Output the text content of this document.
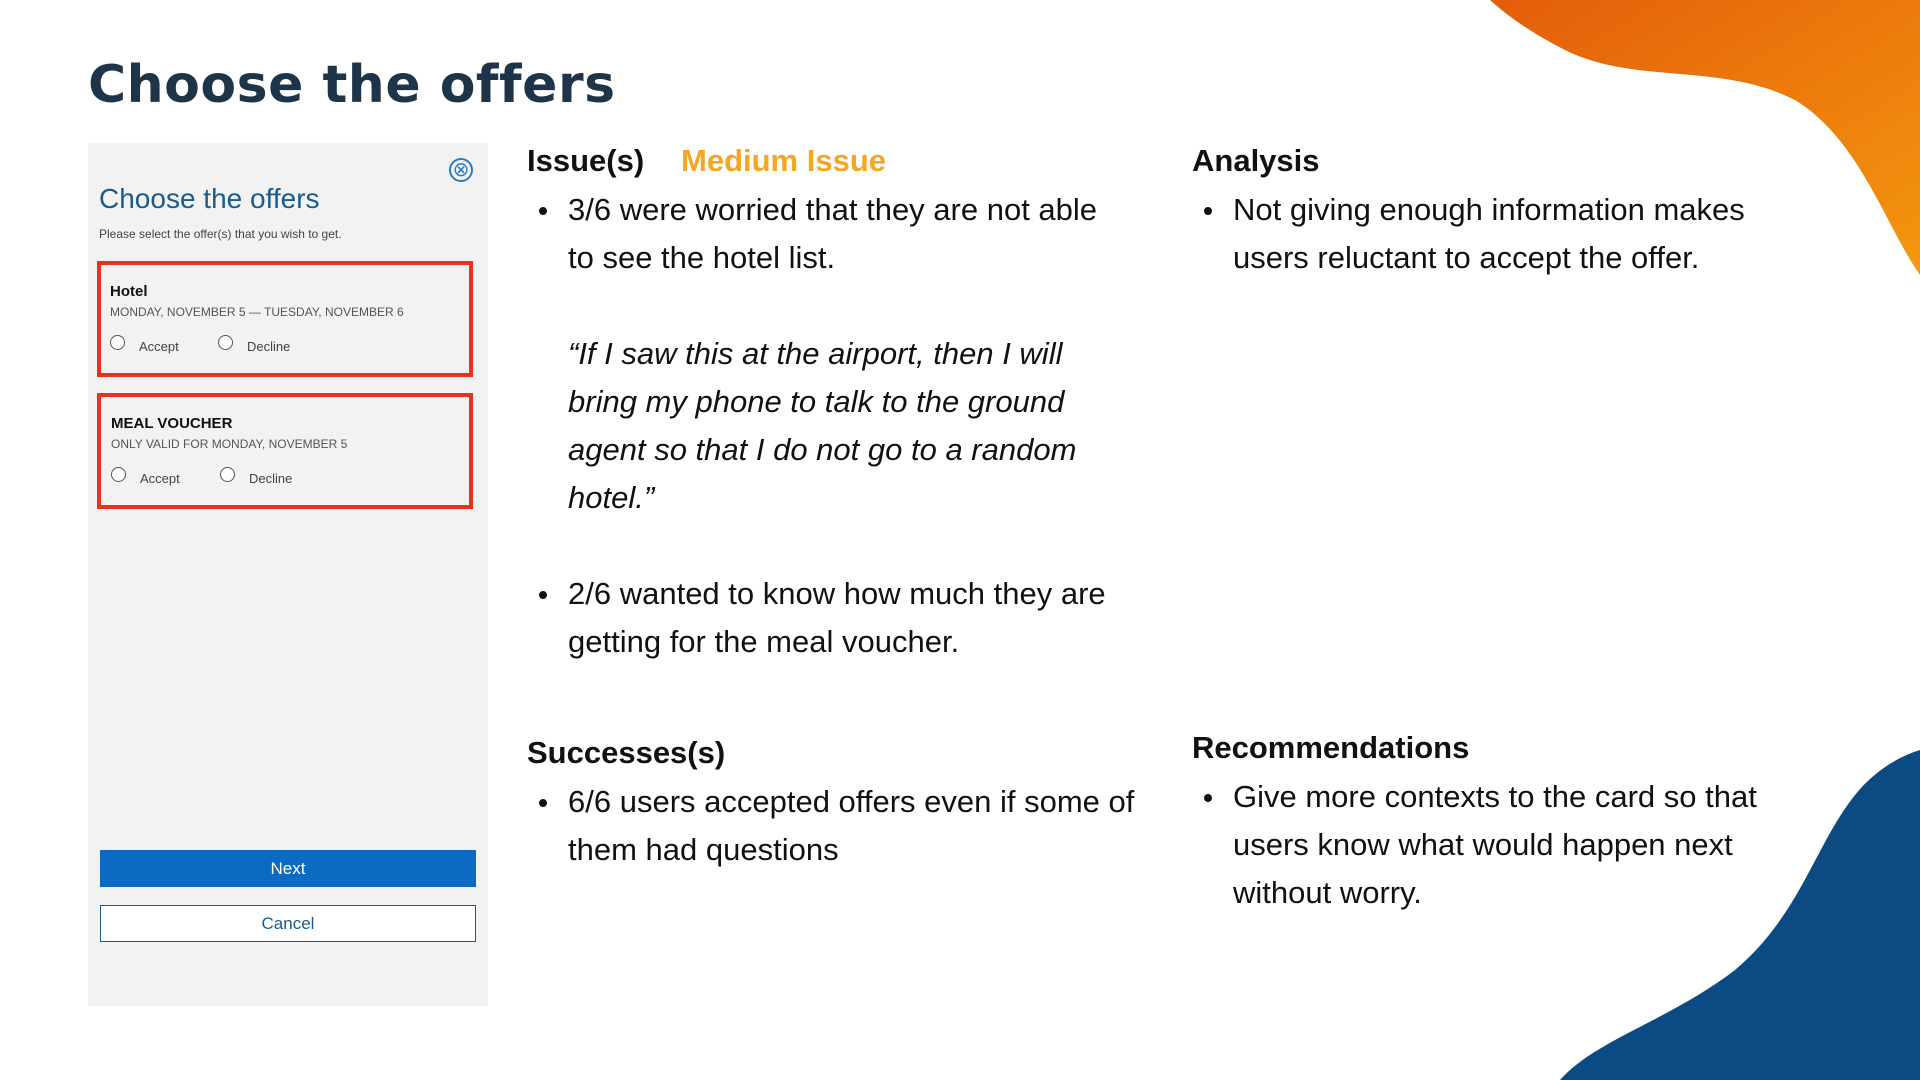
Choose the offers
⊗
Choose the offers
Please select the offer(s) that you wish to get.
Hotel
MONDAY, NOVEMBER 5 — TUESDAY, NOVEMBER 6
Accept	Decline
MEAL VOUCHER
ONLY VALID FOR MONDAY, NOVEMBER 5
Accept	Decline
Next
Cancel
Issue(s) Medium Issue
3/6 were worried that they are not able to see the hotel list.
“If I saw this at the airport, then I will bring my phone to talk to the ground agent so that I do not go to a random hotel.”
2/6 wanted to know how much they are getting for the meal voucher.
Successes(s)
6/6 users accepted offers even if some of them had questions
Analysis
Not giving enough information makes users reluctant to accept the offer.
Recommendations
Give more contexts to the card so that users know what would happen next without worry.
